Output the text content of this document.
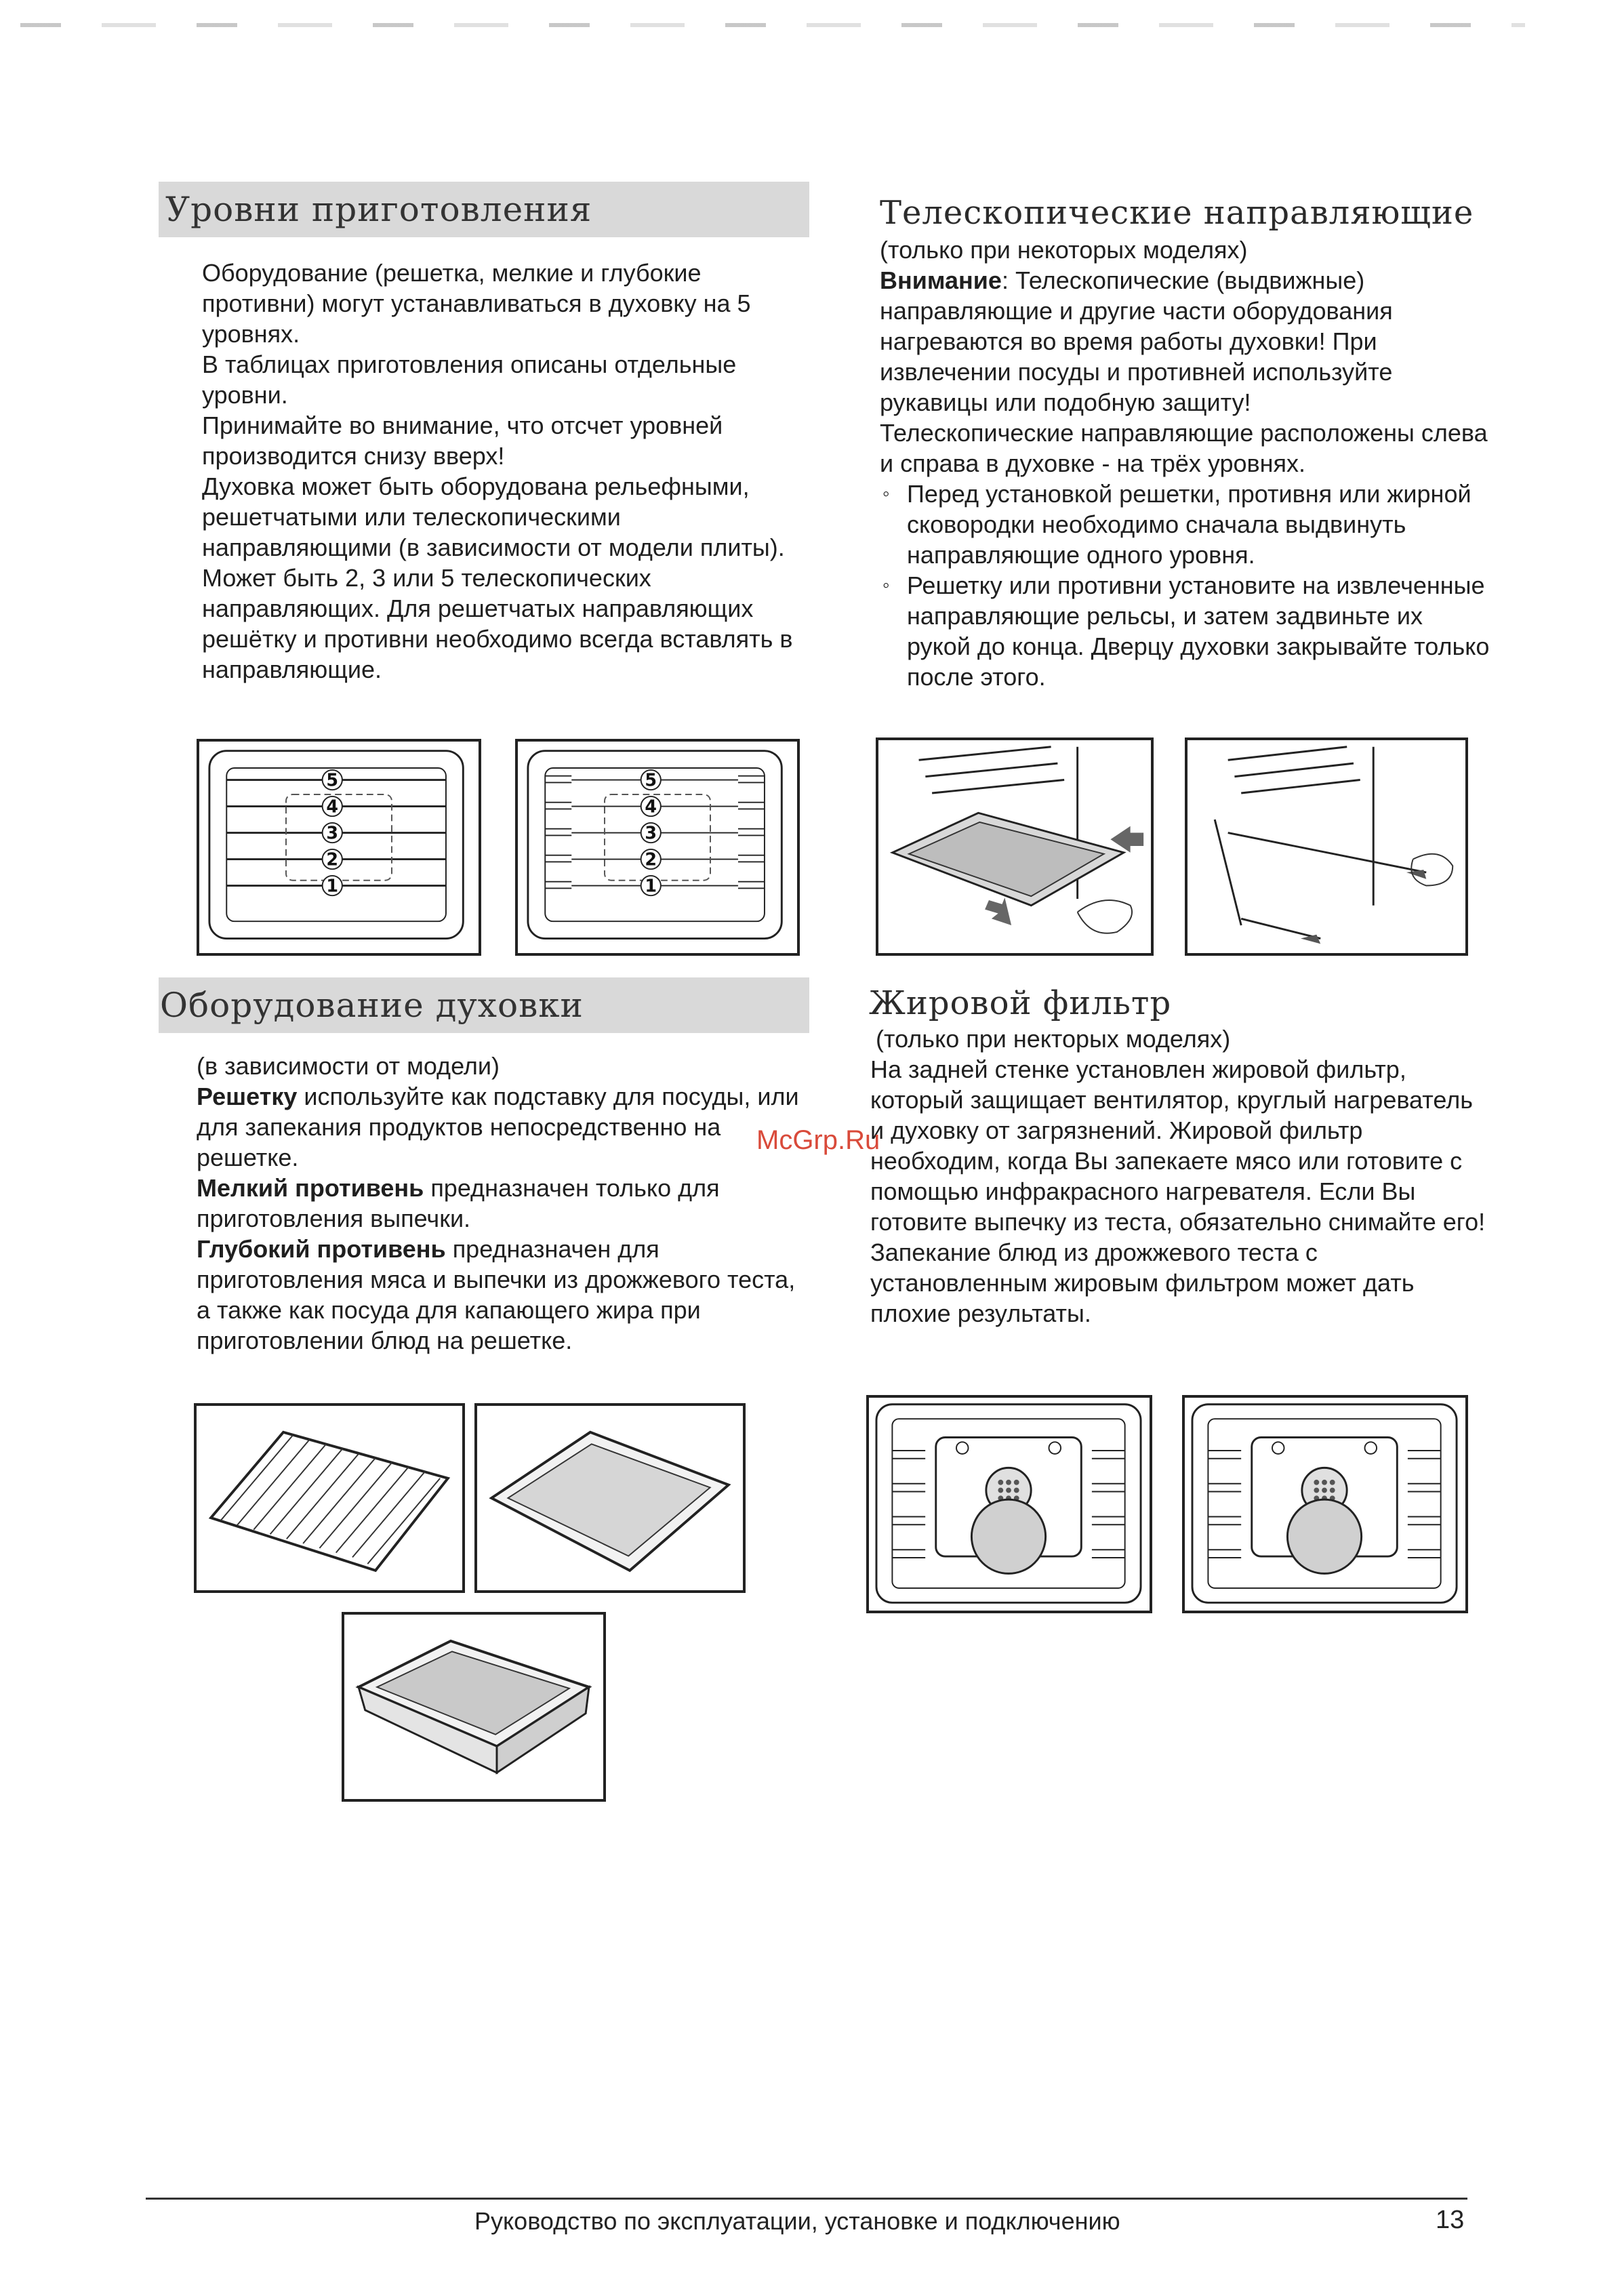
Уровни приготовления

Оборудование (решетка, мелкие и глубокие противни) могут устанавливаться в духовку на 5 уровнях.

В таблицах приготовления описаны отдельные уровни.

Принимайте во внимание, что отсчет уровней производится снизу вверх!

Духовка может быть оборудована рельефными, решетчатыми или телескопическими направляющими (в зависимости от модели плиты). Может быть 2, 3 или 5 телескопических направляющих. Для решетчатых направляющих решётку и противни необходимо всегда вставлять в направляющие.

5
4
3
2
1
5
4
3
2
1
Оборудование духовки

(в зависимости от модели)

Решетку используйте как подставку для посуды, или для запекания продуктов непосредственно на решетке.

Мелкий противень предназначен только для приготовления выпечки.

Глубокий противень предназначен для приготовления мяса и выпечки из дрожжевого теста, а также как посуда для капающего жира при приготовлении блюд на решетке.

Телескопические направляющие

(только при некоторых моделях)

Внимание: Телескопические (выдвижные) направляющие и другие части оборудования нагреваются во время работы духовки! При извлечении посуды и противней используйте рукавицы или подобную защиту!

Телескопические направляющие расположены слева и справа в духовке - на трёх уровнях.

◦ Перед установкой решетки, противня или жирной сковородки необходимо сначала выдвинуть направляющие одного уровня.
◦ Решетку или противни установите на извлеченные направляющие рельсы, и затем задвиньте их рукой до конца. Дверцу духовки закрывайте только после этого.
Жировой фильтр

(только при некторых моделях)

На задней стенке установлен жировой фильтр, который защищает вентилятор, круглый нагреватель и духовку от загрязнений. Жировой фильтр необходим, когда Вы запекаете мясо или готовите с помощью инфракрасного нагревателя. Если Вы готовите выпечку из теста, обязательно снимайте его! Запекание блюд из дрожжевого теста с установленным жировым фильтром может дать плохие результаты.

McGrp.Ru
Руководство по эксплуатации, установке и подключению	13
